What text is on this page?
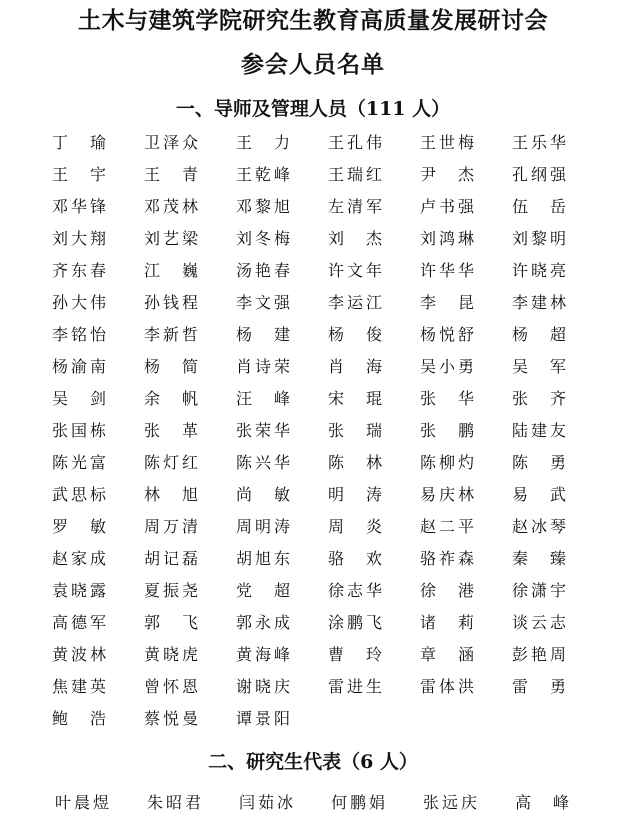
土木与建筑学院研究生教育高质量发展研讨会
参会人员名单
一、导师及管理人员（111 人）
丁 瑜 卫 泽 众 王 力 王 孔 伟 王 世 梅 王 乐 华
王 宇 王 青 王 乾 峰 王 瑞 红 尹 杰 孔 纲 强
邓 华 锋 邓 茂 林 邓 黎 旭 左 清 军 卢 书 强 伍 岳
刘 大 翔 刘 艺 梁 刘 冬 梅 刘 杰 刘 鸿 琳 刘 黎 明
齐 东 春 江 巍 汤 艳 春 许 文 年 许 华 华 许 晓 亮
孙 大 伟 孙 钱 程 李 文 强 李 运 江 李 昆 李 建 林
李 铭 怡 李 新 哲 杨 建 杨 俊 杨 悦 舒 杨 超
杨 渝 南 杨 简 肖 诗 荣 肖 海 吴 小 勇 吴 军
吴 剑 余 帆 汪 峰 宋 琨 张 华 张 齐
张 国 栋 张 革 张 荣 华 张 瑞 张 鹏 陆 建 友
陈 光 富 陈 灯 红 陈 兴 华 陈 林 陈 柳 灼 陈 勇
武 思 标 林 旭 尚 敏 明 涛 易 庆 林 易 武
罗 敏 周 万 清 周 明 涛 周 炎 赵 二 平 赵 冰 琴
赵 家 成 胡 记 磊 胡 旭 东 骆 欢 骆 祚 森 秦 臻
袁 晓 露 夏 振 尧 党 超 徐 志 华 徐 港 徐 潇 宇
高 德 军 郭 飞 郭 永 成 涂 鹏 飞 诸 莉 谈 云 志
黄 波 林 黄 晓 虎 黄 海 峰 曹 玲 章 涵 彭 艳 周
焦 建 英 曾 怀 恩 谢 晓 庆 雷 进 生 雷 体 洪 雷 勇
鲍 浩 蔡 悦 曼 谭 景 阳
二、研究生代表（6 人）
叶 晨 煜 朱 昭 君 闫 茹 冰 何 鹏 娟 张 远 庆 高 峰
